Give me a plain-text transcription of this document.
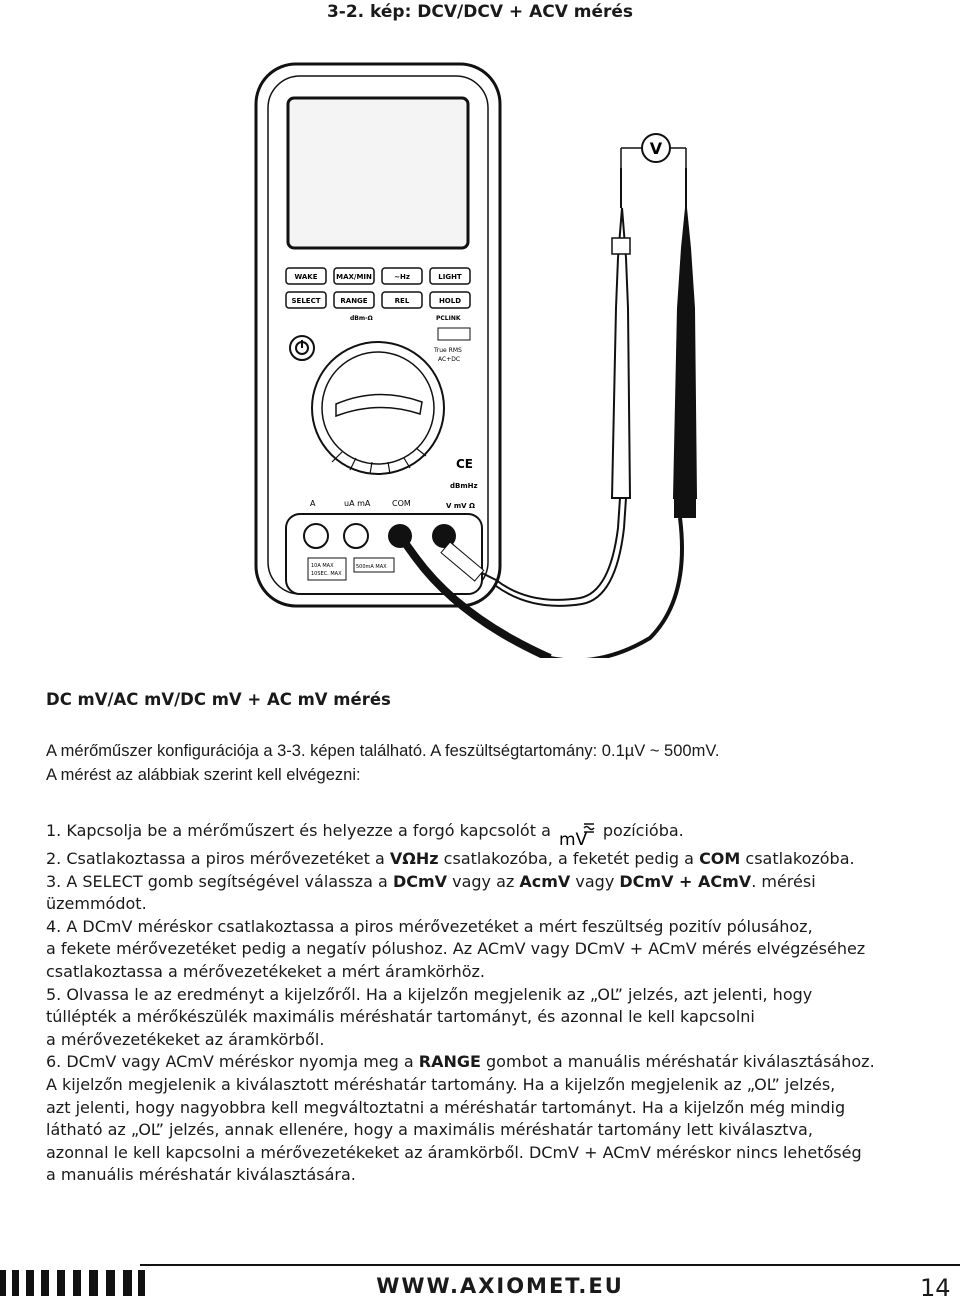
3-2. kép: DCV/DCV + ACV mérés
WAKE	MAX/MIN	~Hz	LIGHT
SELECT	RANGE	REL	HOLD
dBm-Ω	PCLINK
True RMS
AC+DC
CE
dBmHz
V mV Ω
A	uA mA	COM
10A MAX
10SEC. MAX
500mA MAX
V
DC mV/AC mV/DC mV + AC mV mérés
A mérőműszer konfigurációja a 3-3. képen található. A feszültségtartomány: 0.1µV ~ 500mV.
A mérést az alábbiak szerint kell elvégezni:

1. Kapcsolja be a mérőműszert és helyezze a forgó kapcsolót a mV pozícióba.

2. Csatlakoztassa a piros mérővezetéket a VΩHz csatlakozóba, a feketét pedig a COM csatlakozóba.

3. A SELECT gomb segítségével válassza a DCmV vagy az AcmV vagy DCmV + ACmV. mérési

üzemmódot.

4. A DCmV méréskor csatlakoztassa a piros mérővezetéket a mért feszültség pozitív pólusához,

a fekete mérővezetéket pedig a negatív pólushoz. Az ACmV vagy DCmV + ACmV mérés elvégzéséhez

csatlakoztassa a mérővezetékeket a mért áramkörhöz.

5. Olvassa le az eredményt a kijelzőről. Ha a kijelzőn megjelenik az „OL” jelzés, azt jelenti, hogy

túllépték a mérőkészülék maximális méréshatár tartományt, és azonnal le kell kapcsolni

a mérővezetékeket az áramkörből.

6. DCmV vagy ACmV méréskor nyomja meg a RANGE gombot a manuális méréshatár kiválasztásához.

A kijelzőn megjelenik a kiválasztott méréshatár tartomány. Ha a kijelzőn megjelenik az „OL” jelzés,

azt jelenti, hogy nagyobbra kell megváltoztatni a méréshatár tartományt. Ha a kijelzőn még mindig

látható az „OL” jelzés, annak ellenére, hogy a maximális méréshatár tartomány lett kiválasztva,

azonnal le kell kapcsolni a mérővezetékeket az áramkörből. DCmV + ACmV méréskor nincs lehetőség

a manuális méréshatár kiválasztására.

WWW.AXIOMET.EU	14
